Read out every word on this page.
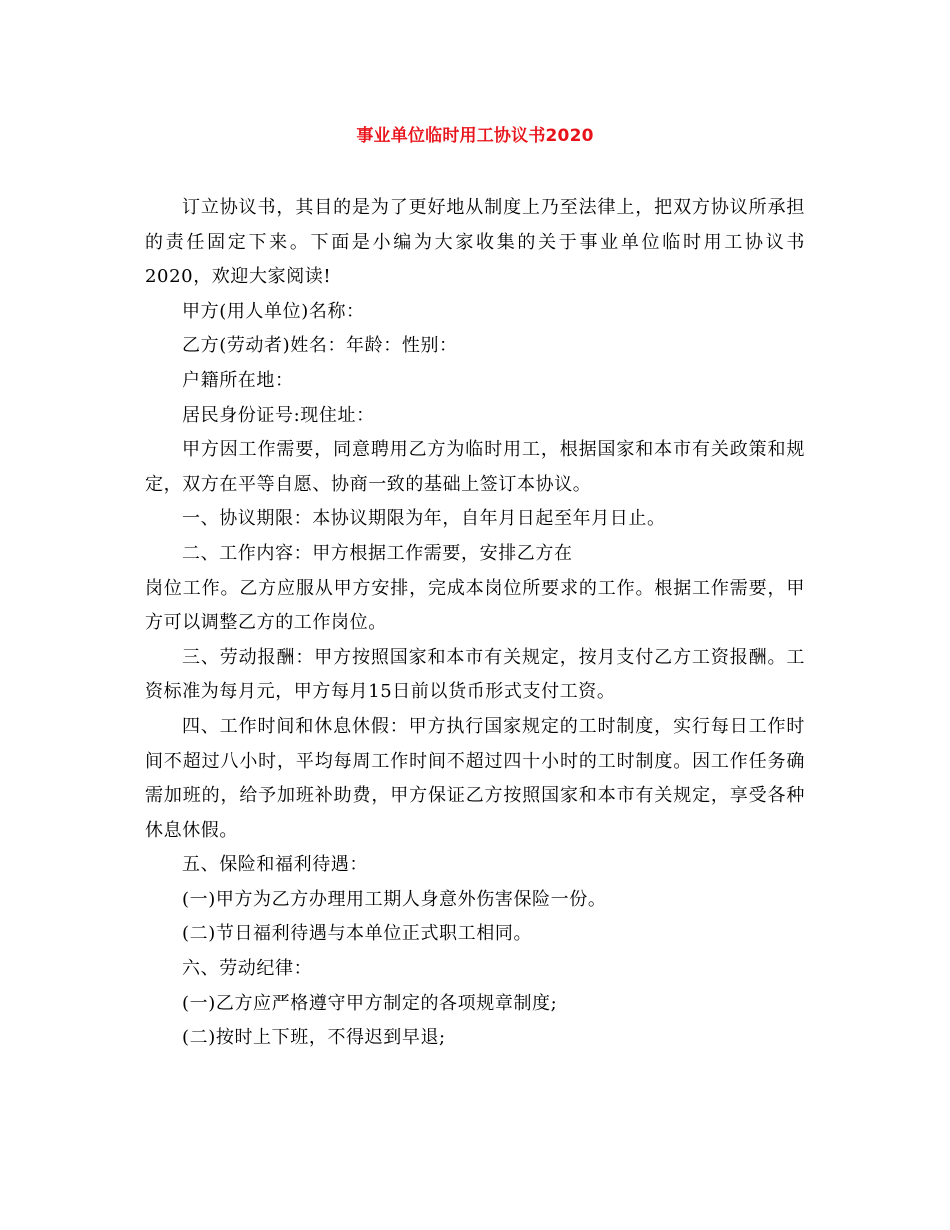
事业单位临时用工协议书2020

订立协议书，其目的是为了更好地从制度上乃至法律上，把双方协议所承担的责任固定下来。下面是小编为大家收集的关于事业单位临时用工协议书2020，欢迎大家阅读!

甲方(用人单位)名称：

乙方(劳动者)姓名：年龄：性别：

户籍所在地：

居民身份证号:现住址：

甲方因工作需要，同意聘用乙方为临时用工，根据国家和本市有关政策和规定，双方在平等自愿、协商一致的基础上签订本协议。

一、协议期限：本协议期限为年，自年月日起至年月日止。

二、工作内容：甲方根据工作需要，安排乙方在

岗位工作。乙方应服从甲方安排，完成本岗位所要求的工作。根据工作需要，甲方可以调整乙方的工作岗位。

三、劳动报酬：甲方按照国家和本市有关规定，按月支付乙方工资报酬。工资标准为每月元，甲方每月15日前以货币形式支付工资。

四、工作时间和休息休假：甲方执行国家规定的工时制度，实行每日工作时间不超过八小时，平均每周工作时间不超过四十小时的工时制度。因工作任务确需加班的，给予加班补助费，甲方保证乙方按照国家和本市有关规定，享受各种休息休假。

五、保险和福利待遇：

(一)甲方为乙方办理用工期人身意外伤害保险一份。

(二)节日福利待遇与本单位正式职工相同。

六、劳动纪律：

(一)乙方应严格遵守甲方制定的各项规章制度;

(二)按时上下班，不得迟到早退;
